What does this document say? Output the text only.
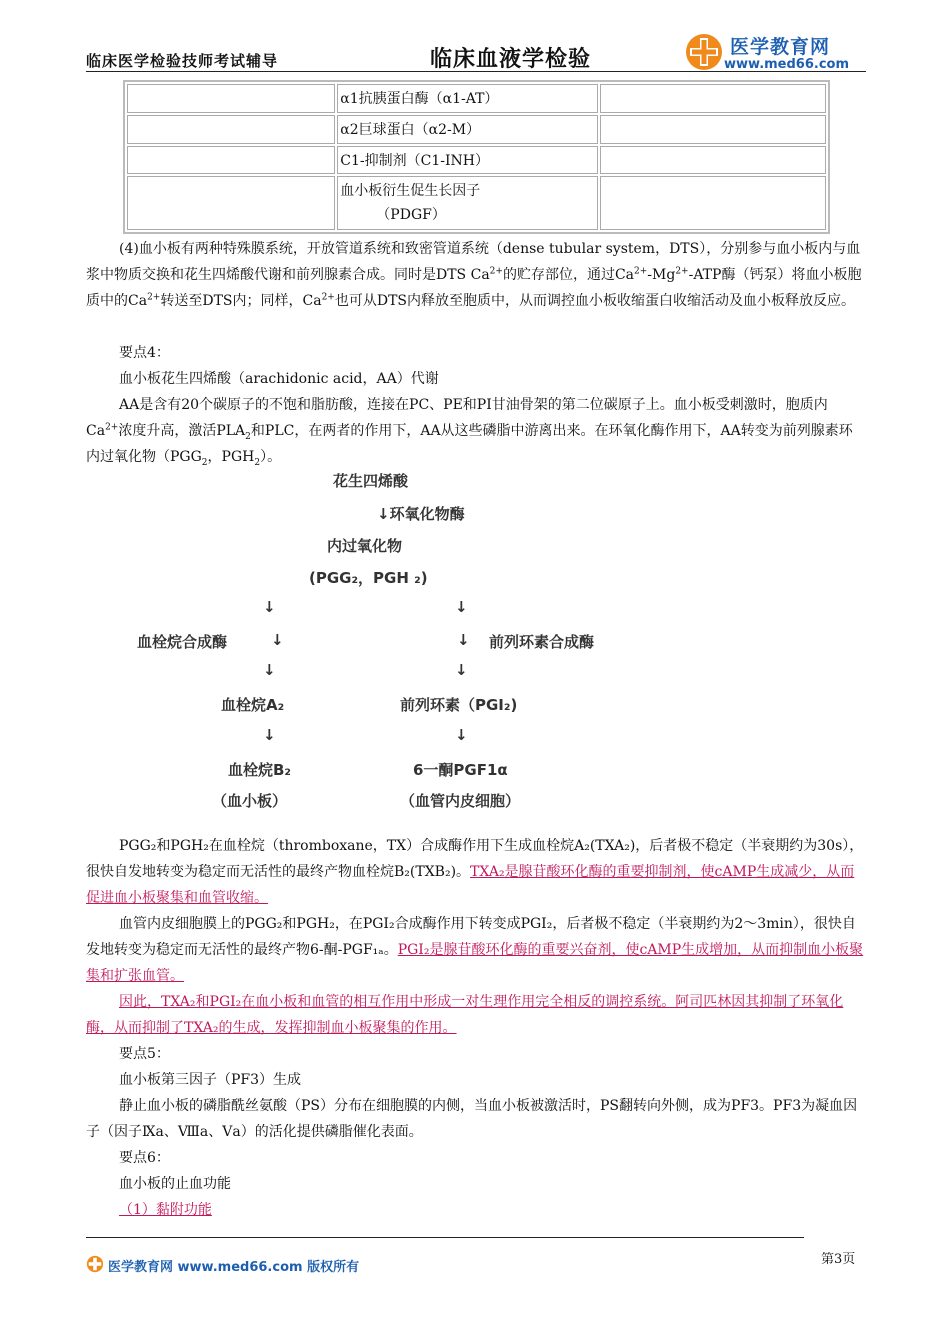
临床医学检验技师考试辅导	临床血液学检验	医学教育网
www.med66.com
	α1抗胰蛋白酶（α1-AT）	
	α2巨球蛋白（α2-M）	
	C1-抑制剂（C1-INH）	
	血小板衍生促生长因子
（PDGF）	

(4)血小板有两种特殊膜系统，开放管道系统和致密管道系统（dense tubular system，DTS），分别参与血小板内与血浆中物质交换和花生四烯酸代谢和前列腺素合成。同时是DTS $Ca^{2+}$的贮存部位，通过$Ca^{2+}-Mg^{2+}$-ATP酶（钙泵）将血小板胞质中的$Ca^{2+}$转送至DTS内；同样，$Ca^{2+}$也可从DTS内释放至胞质中，从而调控血小板收缩蛋白收缩活动及血小板释放反应。

要点4：
血小板花生四烯酸（arachidonic acid，AA）代谢

AA是含有20个碳原子的不饱和脂肪酸，连接在PC、PE和PI甘油骨架的第二位碳原子上。血小板受刺激时，胞质内$Ca^{2+}$浓度升高，激活$PLA_2$和PLC，在两者的作用下，AA从这些磷脂中游离出来。在环氧化酶作用下，AA转变为前列腺素环内过氧化物（$PGG_2$，$PGH_2$）。

花生四烯酸
↓环氧化物酶
内过氧化物
(PGG₂，PGH ₂)
↓	↓
血栓烷合成酶	↓	↓ 前列环素合成酶
↓	↓
血栓烷A₂	前列环素（PGI₂)
↓	↓
血栓烷B₂	6一酮PGF1α
（血小板）	（血管内皮细胞）

PGG₂和PGH₂在血栓烷（thromboxane，TX）合成酶作用下生成血栓烷A₂(TXA₂)，后者极不稳定（半衰期约为30s），很快自发地转变为稳定而无活性的最终产物血栓烷B₂(TXB₂)。TXA₂是腺苷酸环化酶的重要抑制剂，使cAMP生成减少，从而促进血小板聚集和血管收缩。

血管内皮细胞膜上的PGG₂和PGH₂，在PGI₂合成酶作用下转变成PGI₂，后者极不稳定（半衰期约为2～3min），很快自发地转变为稳定而无活性的最终产物6-酮-PGF₁ₐ。PGI₂是腺苷酸环化酶的重要兴奋剂，使cAMP生成增加，从而抑制血小板聚集和扩张血管。

因此，TXA₂和PGI₂在血小板和血管的相互作用中形成一对生理作用完全相反的调控系统。阿司匹林因其抑制了环氧化酶，从而抑制了TXA₂的生成，发挥抑制血小板聚集的作用。

要点5：
血小板第三因子（PF3）生成

静止血小板的磷脂酰丝氨酸（PS）分布在细胞膜的内侧，当血小板被激活时，PS翻转向外侧，成为PF3。PF3为凝血因子（因子Ⅸa、Ⅷa、Ⅴa）的活化提供磷脂催化表面。

要点6：
血小板的止血功能
（1）黏附功能
医学教育网 www.med66.com 版权所有
第3页
